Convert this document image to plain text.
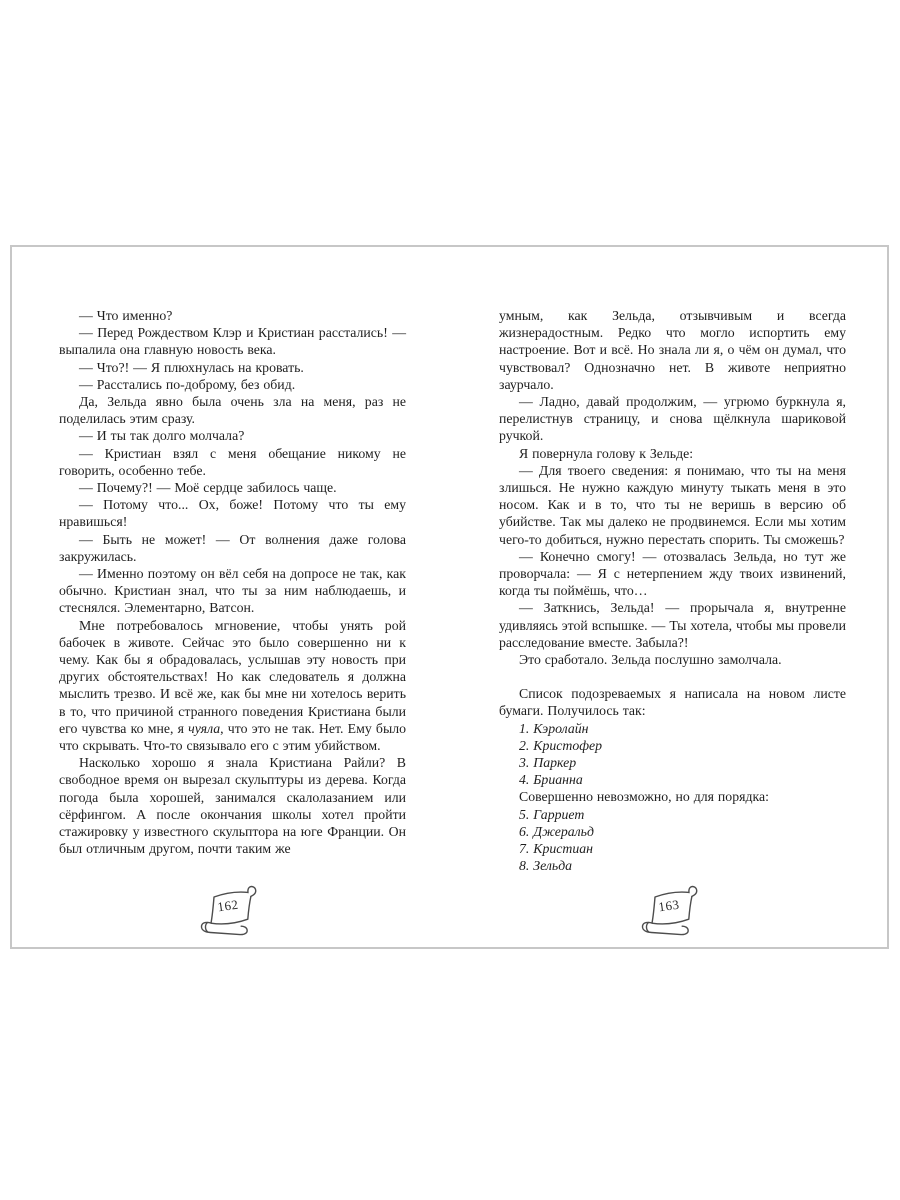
— Что именно?

— Перед Рождеством Клэр и Кристиан расстались! — выпалила она главную новость века.

— Что?! — Я плюхнулась на кровать.

— Расстались по-доброму, без обид.

Да, Зельда явно была очень зла на меня, раз не поделилась этим сразу.

— И ты так долго молчала?

— Кристиан взял с меня обещание никому не говорить, особенно тебе.

— Почему?! — Моё сердце забилось чаще.

— Потому что... Ох, боже! Потому что ты ему нравишься!

— Быть не может! — От волнения даже голова закружилась.

— Именно поэтому он вёл себя на допросе не так, как обычно. Кристиан знал, что ты за ним наблюдаешь, и стеснялся. Элементарно, Ватсон.

Мне потребовалось мгновение, чтобы унять рой бабочек в животе. Сейчас это было совершенно ни к чему. Как бы я обрадовалась, услышав эту новость при других обстоятельствах! Но как следователь я должна мыслить трезво. И всё же, как бы мне ни хотелось верить в то, что причиной странного поведения Кристиана были его чувства ко мне, я чуяла, что это не так. Нет. Ему было что скрывать. Что-то связывало его с этим убийством.

Насколько хорошо я знала Кристиана Райли? В свободное время он вырезал скульптуры из дерева. Когда погода была хорошей, занимался скалолазанием или сёрфингом. А после окончания школы хотел пройти стажировку у известного скульптора на юге Франции. Он был отличным другом, почти таким же

умным, как Зельда, отзывчивым и всегда жизнерадостным. Редко что могло испортить ему настроение. Вот и всё. Но знала ли я, о чём он думал, что чувствовал? Однозначно нет. В животе неприятно заурчало.

— Ладно, давай продолжим, — угрюмо буркнула я, перелистнув страницу, и снова щёлкнула шариковой ручкой.

Я повернула голову к Зельде:

— Для твоего сведения: я понимаю, что ты на меня злишься. Не нужно каждую минуту тыкать меня в это носом. Как и в то, что ты не веришь в версию об убийстве. Так мы далеко не продвинемся. Если мы хотим чего-то добиться, нужно перестать спорить. Ты сможешь?

— Конечно смогу! — отозвалась Зельда, но тут же проворчала: — Я с нетерпением жду твоих извинений, когда ты поймёшь, что…

— Заткнись, Зельда! — прорычала я, внутренне удивляясь этой вспышке. — Ты хотела, чтобы мы провели расследование вместе. Забыла?!

Это сработало. Зельда послушно замолчала.

Список подозреваемых я написала на новом листе бумаги. Получилось так:

1. Кэролайн

2. Кристофер

3. Паркер

4. Брианна

Совершенно невозможно, но для порядка:

5. Гарриет

6. Джеральд

7. Кристиан

8. Зельда

162	163
